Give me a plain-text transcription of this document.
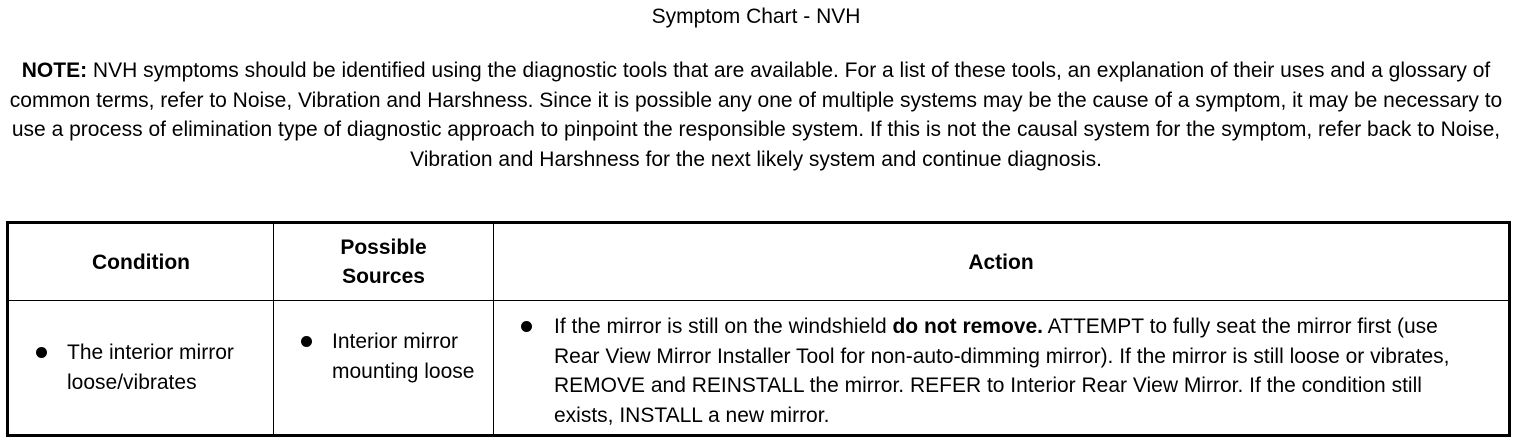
Symptom Chart - NVH
NOTE: NVH symptoms should be identified using the diagnostic tools that are available. For a list of these tools, an explanation of their uses and a glossary of common terms, refer to Noise, Vibration and Harshness. Since it is possible any one of multiple systems may be the cause of a symptom, it may be necessary to use a process of elimination type of diagnostic approach to pinpoint the responsible system. If this is not the causal system for the symptom, refer back to Noise, Vibration and Harshness for the next likely system and continue diagnosis.
Condition	Possible Sources	Action

The interior mirror loose/vibrates	Interior mirror mounting loose	If the mirror is still on the windshield do not remove. ATTEMPT to fully seat the mirror first (use Rear View Mirror Installer Tool for non-auto-dimming mirror). If the mirror is still loose or vibrates, REMOVE and REINSTALL the mirror. REFER to Interior Rear View Mirror. If the condition still exists, INSTALL a new mirror.
